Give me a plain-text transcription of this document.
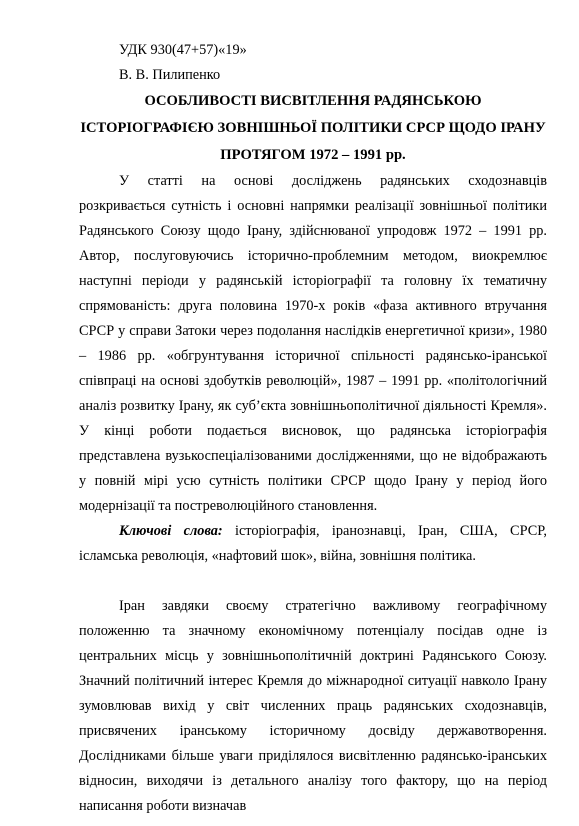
УДК 930(47+57)«19»

В. В. Пилипенко

ОСОБЛИВОСТІ ВИСВІТЛЕННЯ РАДЯНСЬКОЮ
ІСТОРІОГРАФІЄЮ ЗОВНІШНЬОЇ ПОЛІТИКИ СРСР ЩОДО ІРАНУ
ПРОТЯГОМ 1972 – 1991 рр.

У статті на основі досліджень радянських сходознавців розкривається сутність і основні напрямки реалізації зовнішньої політики Радянського Союзу щодо Ірану, здійснюваної упродовж 1972 – 1991 рр. Автор, послуговуючись історично-проблемним методом, виокремлює наступні періоди у радянській історіографії та головну їх тематичну спрямованість: друга половина 1970-х років «фаза активного втручання СРСР у справи Затоки через подолання наслідків енергетичної кризи», 1980 – 1986 рр. «обгрунтування історичної спільності радянсько-іранської співпраці на основі здобутків революцій», 1987 – 1991 рр. «політологічний аналіз розвитку Ірану, як суб’єкта зовнішньополітичної діяльності Кремля». У кінці роботи подається висновок, що радянська історіографія представлена вузькоспеціалізованими дослідженнями, що не відображають у повній мірі усю сутність політики СРСР щодо Ірану у період його модернізації та постреволюційного становлення.

Ключові слова: історіографія, іранознавці, Іран, США, СРСР, ісламська революція, «нафтовий шок», війна, зовнішня політика.

Іран завдяки своєму стратегічно важливому географічному положенню та значному економічному потенціалу посідав одне із центральних місць у зовнішньополітичній доктрині Радянського Союзу. Значний політичний інтерес Кремля до міжнародної ситуації навколо Ірану зумовлював вихід у світ численних праць радянських сходознавців, присвячених іранському історичному досвіду державотворення. Дослідниками більше уваги приділялося висвітленню радянсько-іранських відносин, виходячи із детального аналізу того фактору, що на період написання роботи визначав
